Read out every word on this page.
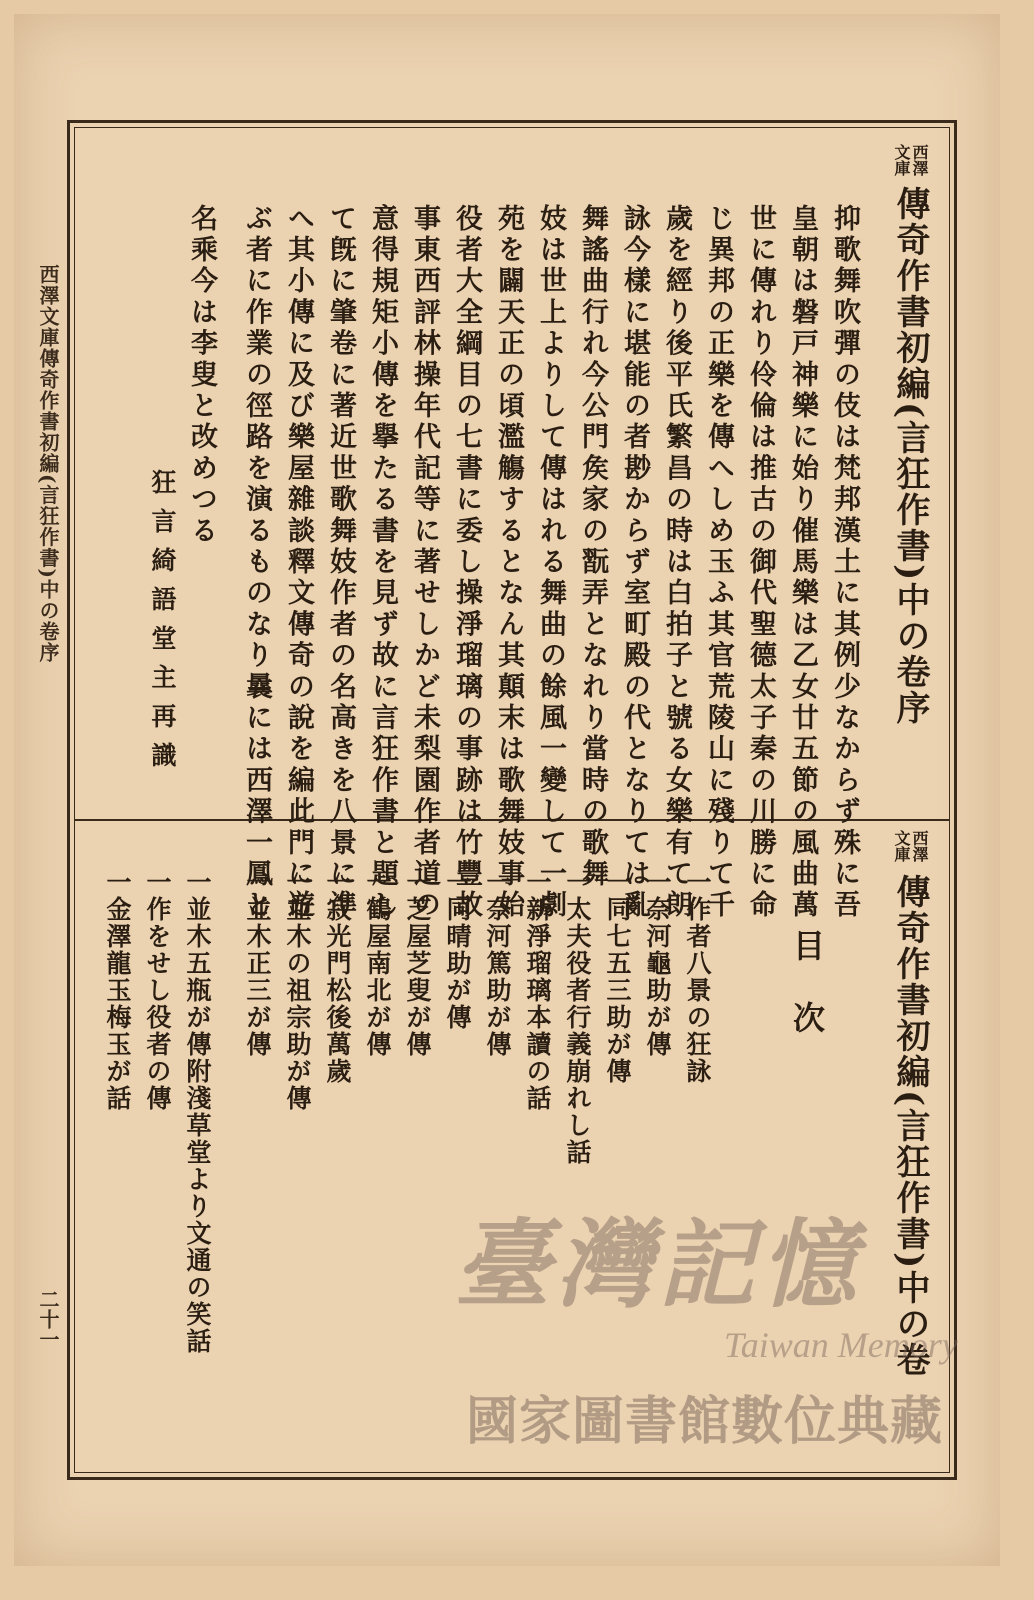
西澤文庫傳奇作書初編(言狂作書)中の卷序
二十一
西澤
文庫
傳奇作書初編(言狂作書)中の卷序
抑歌舞吹彈の伎は梵邦漢土に其例少なからず殊に吾
皇朝は磐戸神樂に始り催馬樂は乙女廿五節の風曲萬
世に傳れり伶倫は推古の御代聖德太子秦の川勝に命
じ異邦の正樂を傳へしめ玉ふ其官荒陵山に殘りて千
歲を經り後平氏繁昌の時は白拍子と號る女樂有て朗
詠今樣に堪能の者尠からず室町殿の代となりては亂
舞謠曲行れ今公門矦家の翫弄となれり當時の歌舞
妓は世上よりして傳はれる舞曲の餘風一變して一劇
苑を闢天正の頃濫觴するとなん其顛末は歌舞妓事始
役者大全綱目の七書に委し操淨瑠璃の事跡は竹豐故
事東西評林操年代記等に著せしかど未梨園作者道の
意得規矩小傳を擧たる書を見ず故に言狂作書と題し
て旣に肇卷に著近世歌舞妓作者の名高きを八景に凖
へ其小傳に及び樂屋雜談釋文傳奇の說を編此門に遊
ぶ者に作業の徑路を演るものなり曩には西澤一鳳と
名乘今は李叟と改めつる
狂言綺語堂主再識
西澤
文庫
傳奇作書初編(言狂作書)中の卷
目次
一作者八景の狂詠
一奈河龜助が傳
一同七五三助が傳
一太夫役者行義崩れし話
一新淨瑠璃本讀の話
一奈河篤助が傳
一同晴助が傳
一芝屋芝叟が傳
一鶴屋南北が傳
一寂光門松後萬歲
一並木の祖宗助が傳
一並木正三が傳
一並木五瓶が傳附淺草堂より文通の笑話
一作をせし役者の傳
一金澤龍玉梅玉が話
臺灣記憶
Taiwan Memory
國家圖書館數位典藏
